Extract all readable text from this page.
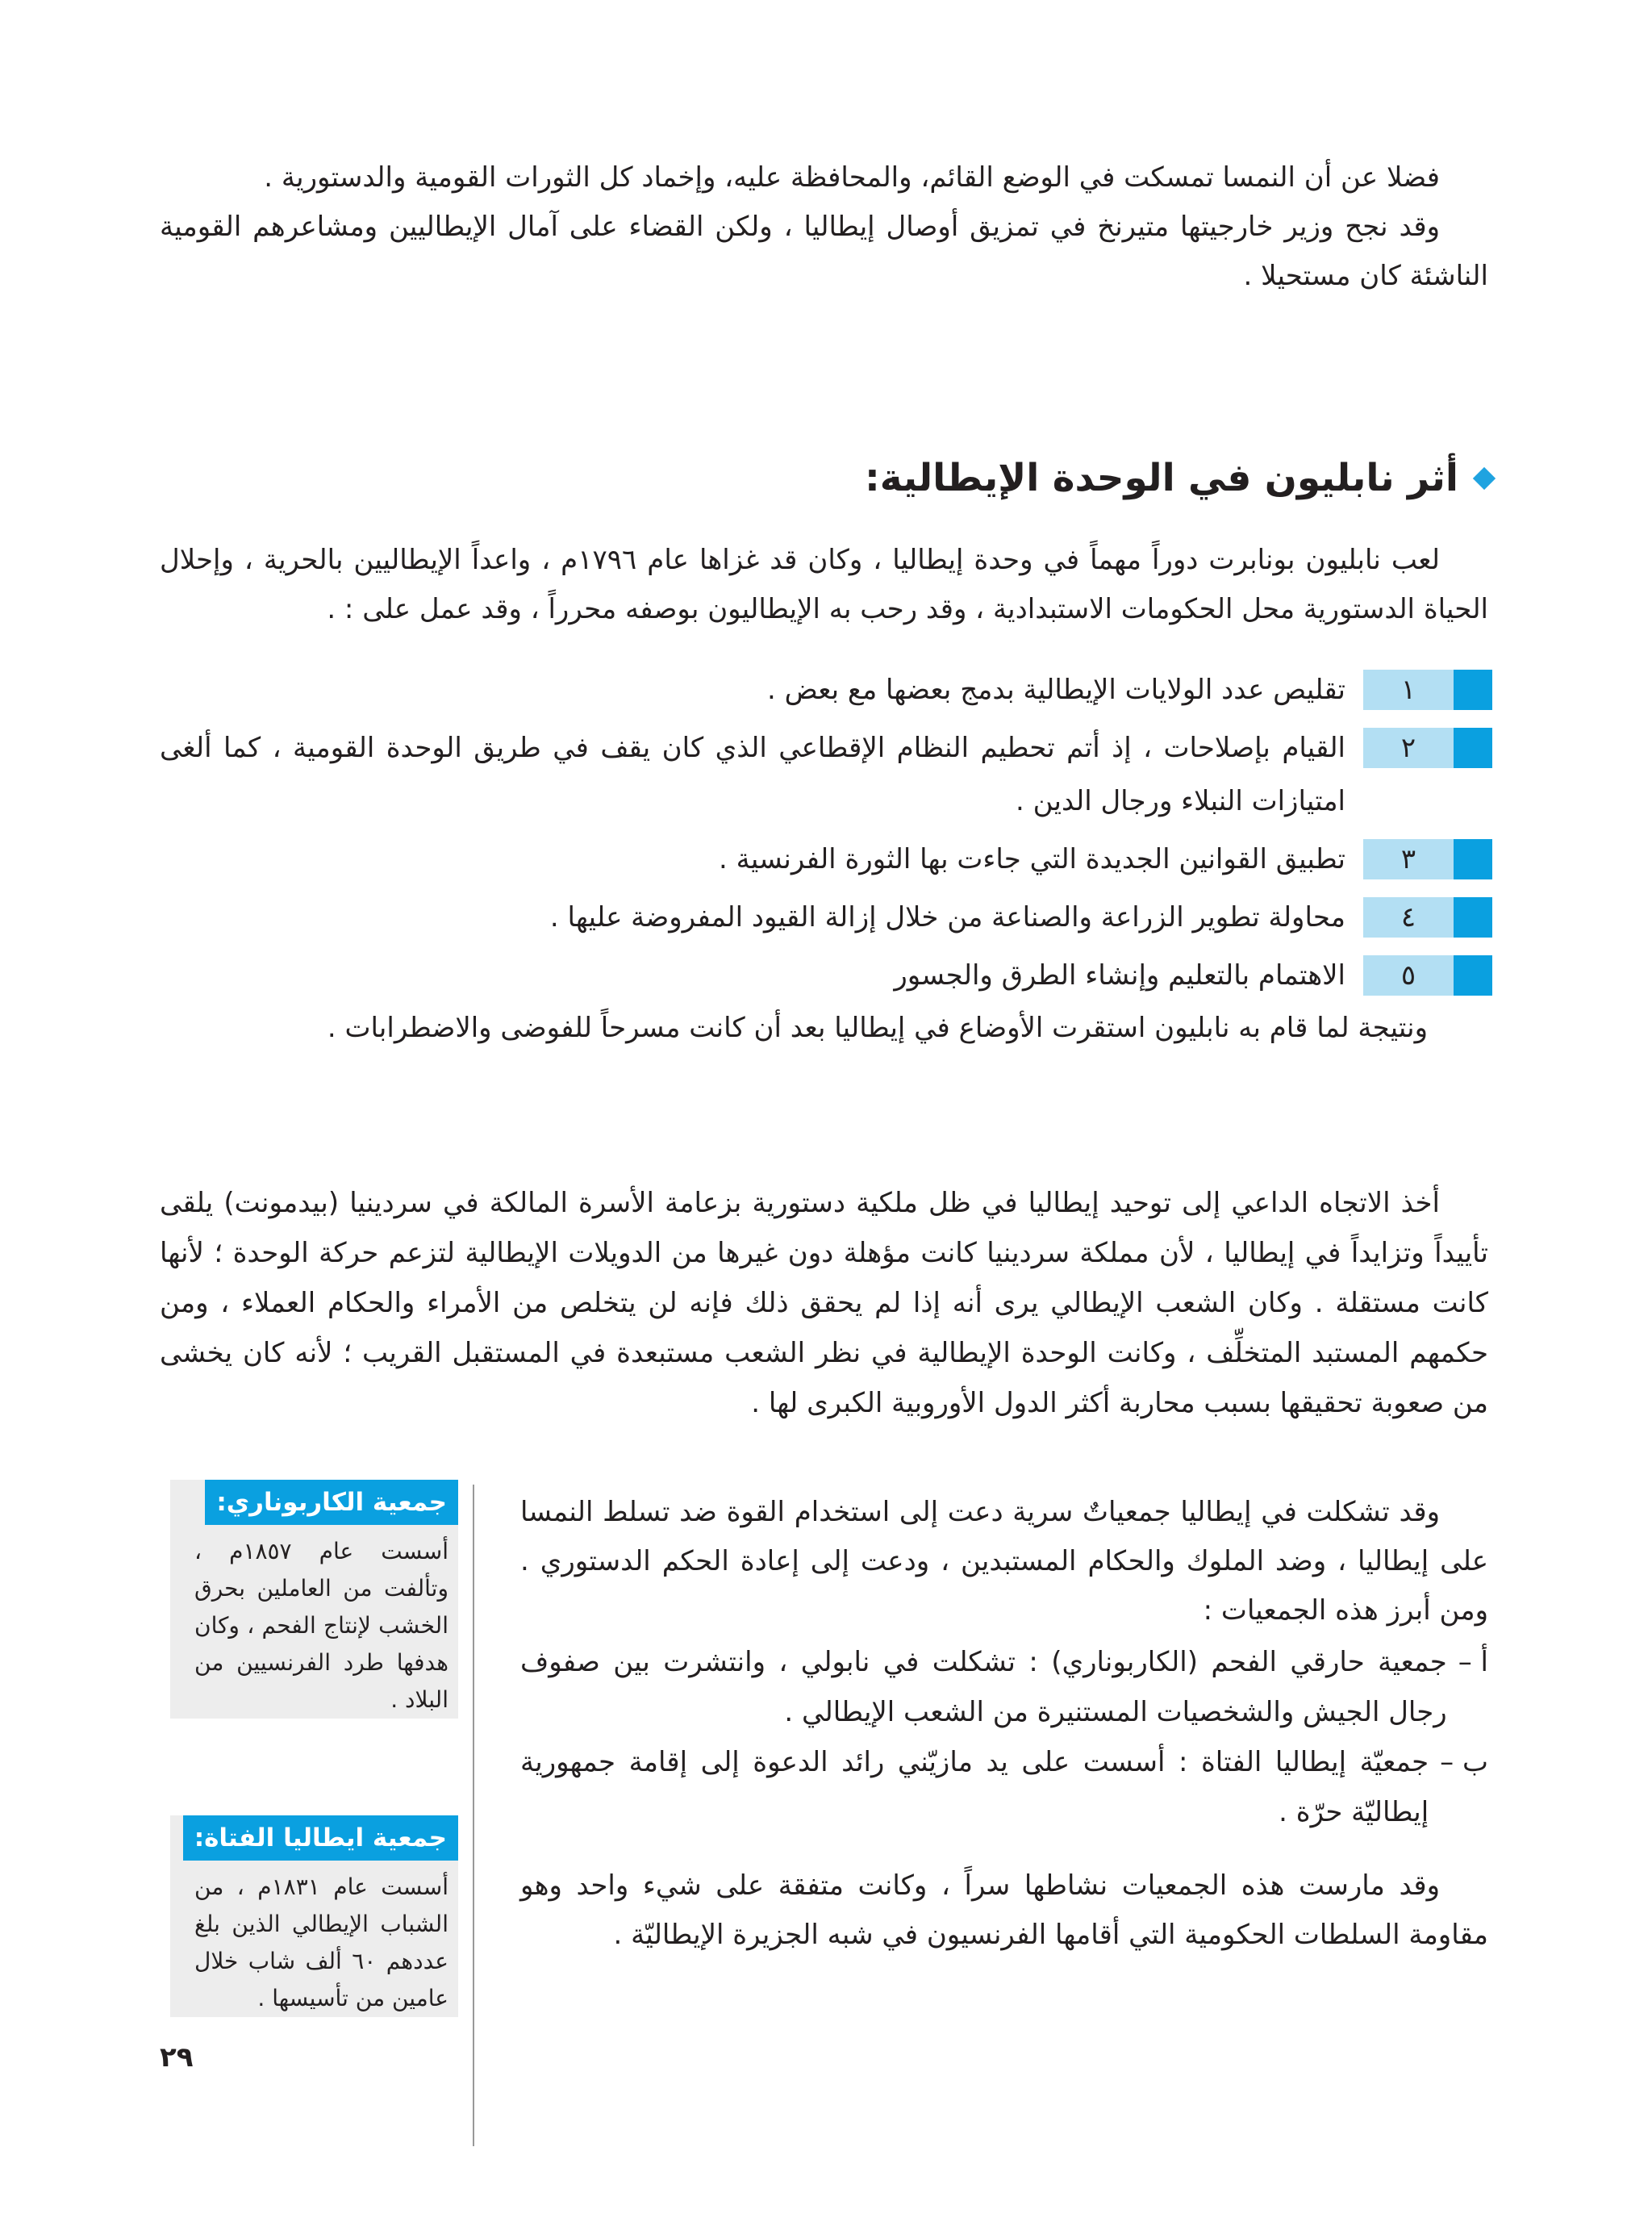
فضلا عن أن النمسا تمسكت في الوضع القائم، والمحافظة عليه، وإخماد كل الثورات القومية والدستورية .

وقد نجح وزير خارجيتها متيرنخ في تمزيق أوصال إيطاليا ، ولكن القضاء على آمال الإيطاليين ومشاعرهم القومية الناشئة كان مستحيلا .

أثر نابليون في الوحدة الإيطالية:

لعب نابليون بونابرت دوراً مهماً في وحدة إيطاليا ، وكان قد غزاها عام ١٧٩٦م ، واعداً الإيطاليين بالحرية ، وإحلال الحياة الدستورية محل الحكومات الاستبدادية ، وقد رحب به الإيطاليون بوصفه محرراً ، وقد عمل على : .

١
تقليص عدد الولايات الإيطالية بدمج بعضها مع بعض .
٢
القيام بإصلاحات ، إذ أتم تحطيم النظام الإقطاعي الذي كان يقف في طريق الوحدة القومية ، كما ألغى امتيازات النبلاء ورجال الدين .
٣
تطبيق القوانين الجديدة التي جاءت بها الثورة الفرنسية .
٤
محاولة تطوير الزراعة والصناعة من خلال إزالة القيود المفروضة عليها .
٥
الاهتمام بالتعليم وإنشاء الطرق والجسور

ونتيجة لما قام به نابليون استقرت الأوضاع في إيطاليا بعد أن كانت مسرحاً للفوضى والاضطرابات .

أخذ الاتجاه الداعي إلى توحيد إيطاليا في ظل ملكية دستورية بزعامة الأسرة المالكة في سردينيا (بيدمونت) يلقى تأييداً وتزايداً في إيطاليا ، لأن مملكة سردينيا كانت مؤهلة دون غيرها من الدويلات الإيطالية لتزعم حركة الوحدة ؛ لأنها كانت مستقلة . وكان الشعب الإيطالي يرى أنه إذا لم يحقق ذلك فإنه لن يتخلص من الأمراء والحكام العملاء ، ومن حكمهم المستبد المتخلِّف ، وكانت الوحدة الإيطالية في نظر الشعب مستبعدة في المستقبل القريب ؛ لأنه كان يخشى من صعوبة تحقيقها بسبب محاربة أكثر الدول الأوروبية الكبرى لها .

وقد تشكلت في إيطاليا جمعياتٌ سرية دعت إلى استخدام القوة ضد تسلط النمسا على إيطاليا ، وضد الملوك والحكام المستبدين ، ودعت إلى إعادة الحكم الدستوري . ومن أبرز هذه الجمعيات :

أ –
جمعية حارقي الفحم (الكاربوناري) : تشكلت في نابولي ، وانتشرت بين صفوف رجال الجيش والشخصيات المستنيرة من الشعب الإيطالي .
ب –
جمعيّة إيطاليا الفتاة : أسست على يد مازيّني رائد الدعوة إلى إقامة جمهورية إيطاليّة حرّة .

وقد مارست هذه الجمعيات نشاطها سراً ، وكانت متفقة على شيء واحد وهو مقاومة السلطات الحكومية التي أقامها الفرنسيون في شبه الجزيرة الإيطاليّة .

جمعية الكاربوناري:

أسست عام ١٨٥٧م ، وتألفت من العاملين بحرق الخشب لإنتاج الفحم ، وكان هدفها طرد الفرنسيين من البلاد .

جمعية ايطاليا الفتاة:

أسست عام ١٨٣١م ، من الشباب الإيطالي الذين بلغ عددهم ٦٠ ألف شاب خلال عامين من تأسيسها .

٢٩
